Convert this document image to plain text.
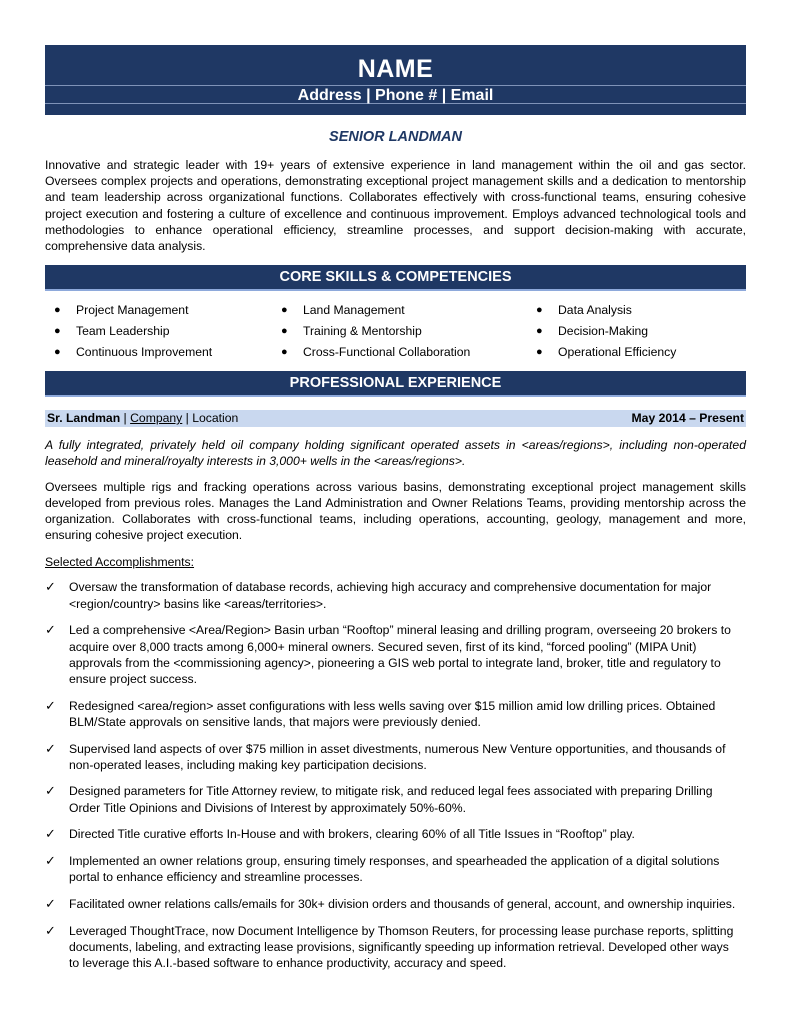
NAME
Address | Phone # | Email
SENIOR LANDMAN
Innovative and strategic leader with 19+ years of extensive experience in land management within the oil and gas sector. Oversees complex projects and operations, demonstrating exceptional project management skills and a dedication to mentorship and team leadership across organizational functions. Collaborates effectively with cross-functional teams, ensuring cohesive project execution and fostering a culture of excellence and continuous improvement. Employs advanced technological tools and methodologies to enhance operational efficiency, streamline processes, and support decision-making with accurate, comprehensive data analysis.
CORE SKILLS & COMPETENCIES
● Project Management
● Team Leadership
● Continuous Improvement
● Land Management
● Training & Mentorship
● Cross-Functional Collaboration
● Data Analysis
● Decision-Making
● Operational Efficiency
PROFESSIONAL EXPERIENCE
Sr. Landman | Company | Location	May 2014 – Present
A fully integrated, privately held oil company holding significant operated assets in <areas/regions>, including non-operated leasehold and mineral/royalty interests in 3,000+ wells in the <areas/regions>.
Oversees multiple rigs and fracking operations across various basins, demonstrating exceptional project management skills developed from previous roles. Manages the Land Administration and Owner Relations Teams, providing mentorship across the organization. Collaborates with cross-functional teams, including operations, accounting, geology, management and more, ensuring cohesive project execution.
Selected Accomplishments:
✓ Oversaw the transformation of database records, achieving high accuracy and comprehensive documentation for major <region/country> basins like <areas/territories>.
✓ Led a comprehensive <Area/Region> Basin urban “Rooftop” mineral leasing and drilling program, overseeing 20 brokers to acquire over 8,000 tracts among 6,000+ mineral owners. Secured seven, first of its kind, “forced pooling” (MIPA Unit) approvals from the <commissioning agency>, pioneering a GIS web portal to integrate land, broker, title and regulatory to ensure project success.
✓ Redesigned <area/region> asset configurations with less wells saving over $15 million amid low drilling prices. Obtained BLM/State approvals on sensitive lands, that majors were previously denied.
✓ Supervised land aspects of over $75 million in asset divestments, numerous New Venture opportunities, and thousands of non-operated leases, including making key participation decisions.
✓ Designed parameters for Title Attorney review, to mitigate risk, and reduced legal fees associated with preparing Drilling Order Title Opinions and Divisions of Interest by approximately 50%-60%.
✓ Directed Title curative efforts In-House and with brokers, clearing 60% of all Title Issues in “Rooftop” play.
✓ Implemented an owner relations group, ensuring timely responses, and spearheaded the application of a digital solutions portal to enhance efficiency and streamline processes.
✓ Facilitated owner relations calls/emails for 30k+ division orders and thousands of general, account, and ownership inquiries.
✓ Leveraged ThoughtTrace, now Document Intelligence by Thomson Reuters, for processing lease purchase reports, splitting documents, labeling, and extracting lease provisions, significantly speeding up information retrieval. Developed other ways to leverage this A.I.-based software to enhance productivity, accuracy and speed.
